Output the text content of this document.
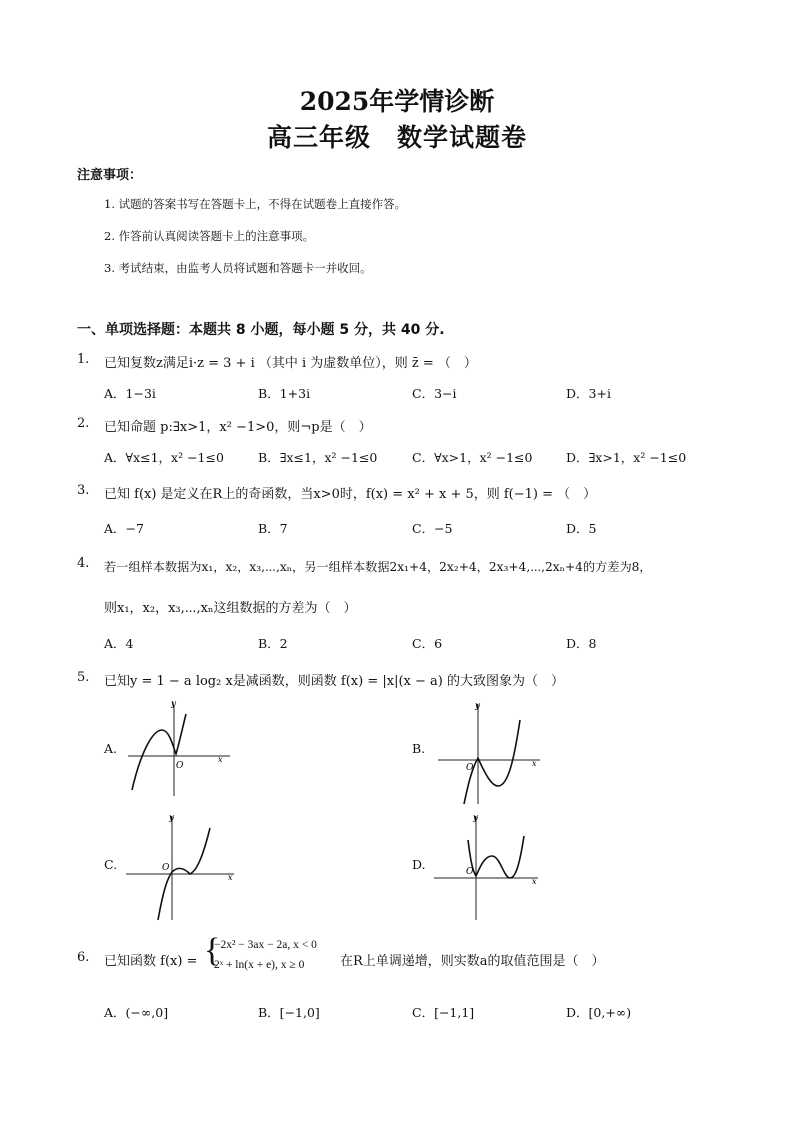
2025年学情诊断
高三年级 数学试题卷
注意事项：
1. 试题的答案书写在答题卡上，不得在试题卷上直接作答。
2. 作答前认真阅读答题卡上的注意事项。
3. 考试结束，由监考人员将试题和答题卡一并收回。
一、单项选择题：本题共 8 小题，每小题 5 分，共 40 分.
1. 已知复数z满足i·z = 3 + i （其中 i 为虚数单位），则 z̄ = （　）
A．1−3i	B．1+3i	C．3−i	D．3+i
2. 已知命题 p:∃x>1，x² −1>0，则¬p是（　）
A．∀x≤1，x² −1≤0	B．∃x≤1，x² −1≤0	C．∀x>1，x² −1≤0	D．∃x>1，x² −1≤0
3. 已知 f(x) 是定义在R上的奇函数，当x>0时，f(x) = x² + x + 5，则 f(−1) = （　）
A．−7	B．7	C．−5	D．5
4. 若一组样本数据为x₁，x₂，x₃,⋯,xₙ，另一组样本数据2x₁+4，2x₂+4，2x₃+4,⋯,2xₙ+4的方差为8，
则x₁，x₂，x₃,⋯,xₙ这组数据的方差为（　）
A．4	B．2	C．6	D．8
5. 已知y = 1 − a log₂ x是减函数，则函数 f(x) = |x|(x − a) 的大致图象为（　）
A.
y
x
O
B.
y
x
O
C.
y
x
O	D.
y
x
O
6. 已知函数 f(x) = {
−2x² − 3ax − 2a, x < 0
2ˣ + ln(x + e), x ≥ 0	在R上单调递增，则实数a的取值范围是（　）
A．(−∞,0]	B．[−1,0]	C．[−1,1]	D．[0,+∞)
